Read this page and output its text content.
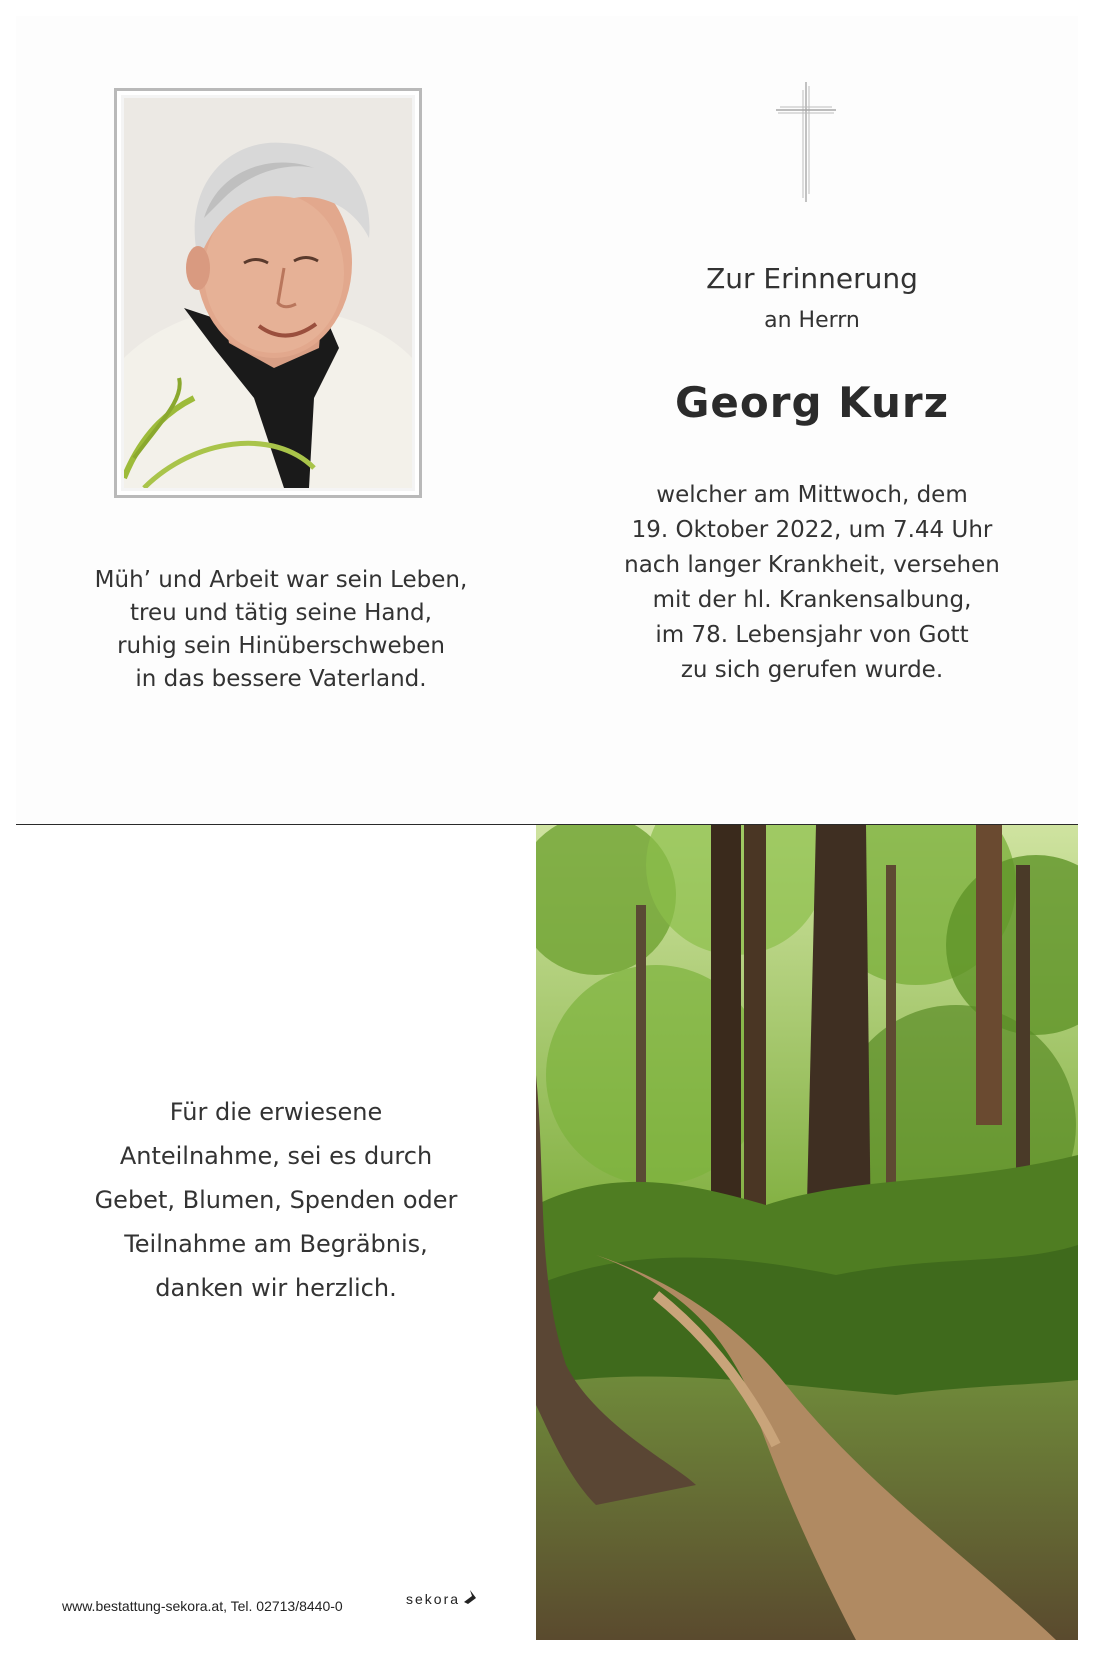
Müh’ und Arbeit war sein Leben,
treu und tätig seine Hand,
ruhig sein Hinüberschweben
in das bessere Vaterland.
Zur Erinnerung
an Herrn
Georg Kurz
welcher am Mittwoch, dem
19. Oktober 2022, um 7.44 Uhr
nach langer Krankheit, versehen
mit der hl. Krankensalbung,
im 78. Lebensjahr von Gott
zu sich gerufen wurde.
Für die erwiesene
Anteilnahme, sei es durch
Gebet, Blumen, Spenden oder
Teilnahme am Begräbnis,
danken wir herzlich.
www.bestattung-sekora.at, Tel. 02713/8440-0	sekora
